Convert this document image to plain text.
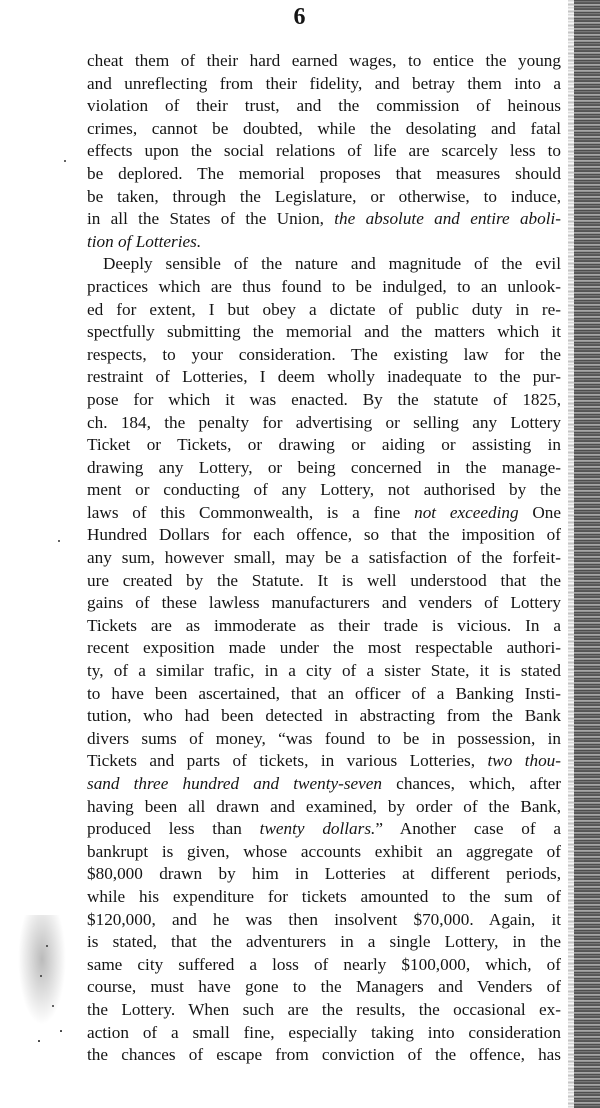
6
cheat them of their hard earned wages, to entice the young
and unreflecting from their fidelity, and betray them into a
violation of their trust, and the commission of heinous
crimes, cannot be doubted, while the desolating and fatal
effects upon the social relations of life are scarcely less to
be deplored. The memorial proposes that measures should
be taken, through the Legislature, or otherwise, to induce,
in all the States of the Union, the absolute and entire aboli-
tion of Lotteries.
Deeply sensible of the nature and magnitude of the evil
practices which are thus found to be indulged, to an unlook-
ed for extent, I but obey a dictate of public duty in re-
spectfully submitting the memorial and the matters which it
respects, to your consideration. The existing law for the
restraint of Lotteries, I deem wholly inadequate to the pur-
pose for which it was enacted. By the statute of 1825,
ch. 184, the penalty for advertising or selling any Lottery
Ticket or Tickets, or drawing or aiding or assisting in
drawing any Lottery, or being concerned in the manage-
ment or conducting of any Lottery, not authorised by the
laws of this Commonwealth, is a fine not exceeding One
Hundred Dollars for each offence, so that the imposition of
any sum, however small, may be a satisfaction of the forfeit-
ure created by the Statute. It is well understood that the
gains of these lawless manufacturers and venders of Lottery
Tickets are as immoderate as their trade is vicious. In a
recent exposition made under the most respectable authori-
ty, of a similar trafic, in a city of a sister State, it is stated
to have been ascertained, that an officer of a Banking Insti-
tution, who had been detected in abstracting from the Bank
divers sums of money, “was found to be in possession, in
Tickets and parts of tickets, in various Lotteries, two thou-
sand three hundred and twenty-seven chances, which, after
having been all drawn and examined, by order of the Bank,
produced less than twenty dollars.” Another case of a
bankrupt is given, whose accounts exhibit an aggregate of
$80,000 drawn by him in Lotteries at different periods,
while his expenditure for tickets amounted to the sum of
$120,000, and he was then insolvent $70,000. Again, it
is stated, that the adventurers in a single Lottery, in the
same city suffered a loss of nearly $100,000, which, of
course, must have gone to the Managers and Venders of
the Lottery. When such are the results, the occasional ex-
action of a small fine, especially taking into consideration
the chances of escape from conviction of the offence, has
